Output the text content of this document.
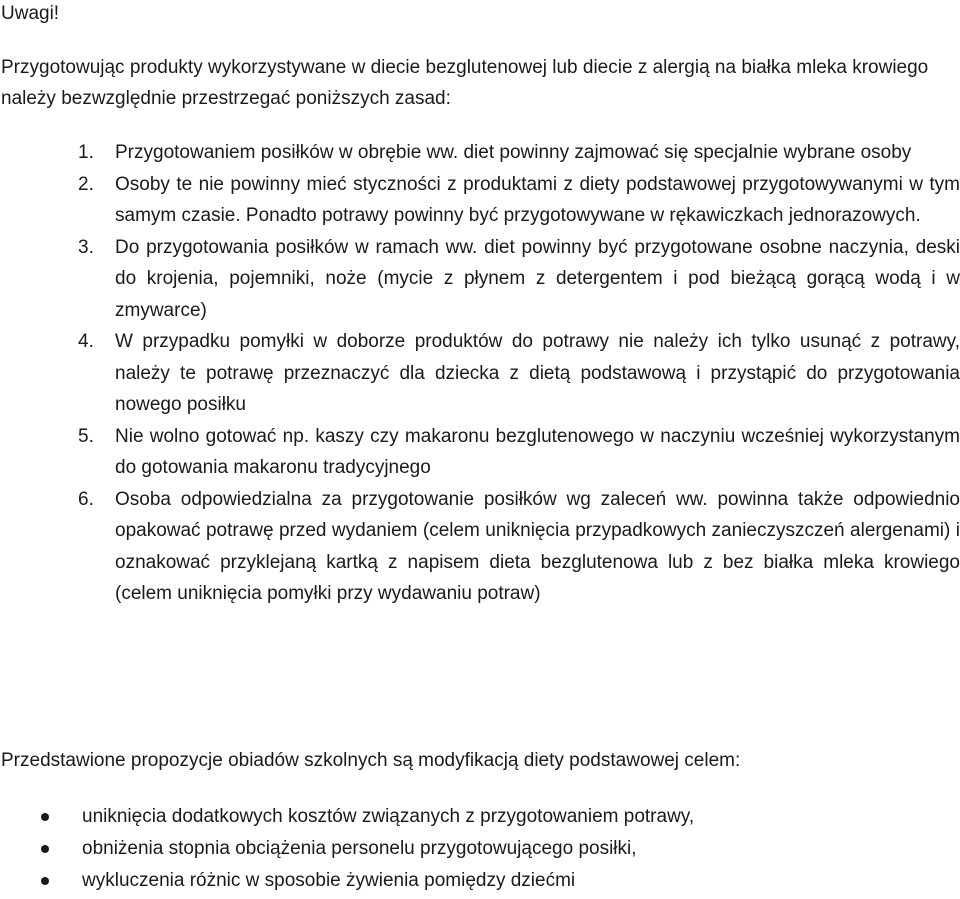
Uwagi!

Przygotowując produkty wykorzystywane w diecie bezglutenowej lub diecie z alergią na białka mleka krowiego należy bezwzględnie przestrzegać poniższych zasad:

1. Przygotowaniem posiłków w obrębie ww. diet powinny zajmować się specjalnie wybrane osoby
2. Osoby te nie powinny mieć styczności z produktami z diety podstawowej przygotowywanymi w tym samym czasie. Ponadto potrawy powinny być przygotowywane w rękawiczkach jednorazowych.
3. Do przygotowania posiłków w ramach ww. diet powinny być przygotowane osobne naczynia, deski do krojenia, pojemniki, noże (mycie z płynem z detergentem i pod bieżącą gorącą wodą i w zmywarce)
4. W przypadku pomyłki w doborze produktów do potrawy nie należy ich tylko usunąć z potrawy, należy te potrawę przeznaczyć dla dziecka z dietą podstawową i przystąpić do przygotowania nowego posiłku
5. Nie wolno gotować np. kaszy czy makaronu bezglutenowego w naczyniu wcześniej wykorzystanym do gotowania makaronu tradycyjnego
6. Osoba odpowiedzialna za przygotowanie posiłków wg zaleceń ww. powinna także odpowiednio opakować potrawę przed wydaniem (celem uniknięcia przypadkowych zanieczyszczeń alergenami) i oznakować przyklejaną kartką z napisem dieta bezglutenowa lub z bez białka mleka krowiego (celem uniknięcia pomyłki przy wydawaniu potraw)

Przedstawione propozycje obiadów szkolnych są modyfikacją diety podstawowej celem:

uniknięcia dodatkowych kosztów związanych z przygotowaniem potrawy,
obniżenia stopnia obciążenia personelu przygotowującego posiłki,
wykluczenia różnic w sposobie żywienia pomiędzy dziećmi
